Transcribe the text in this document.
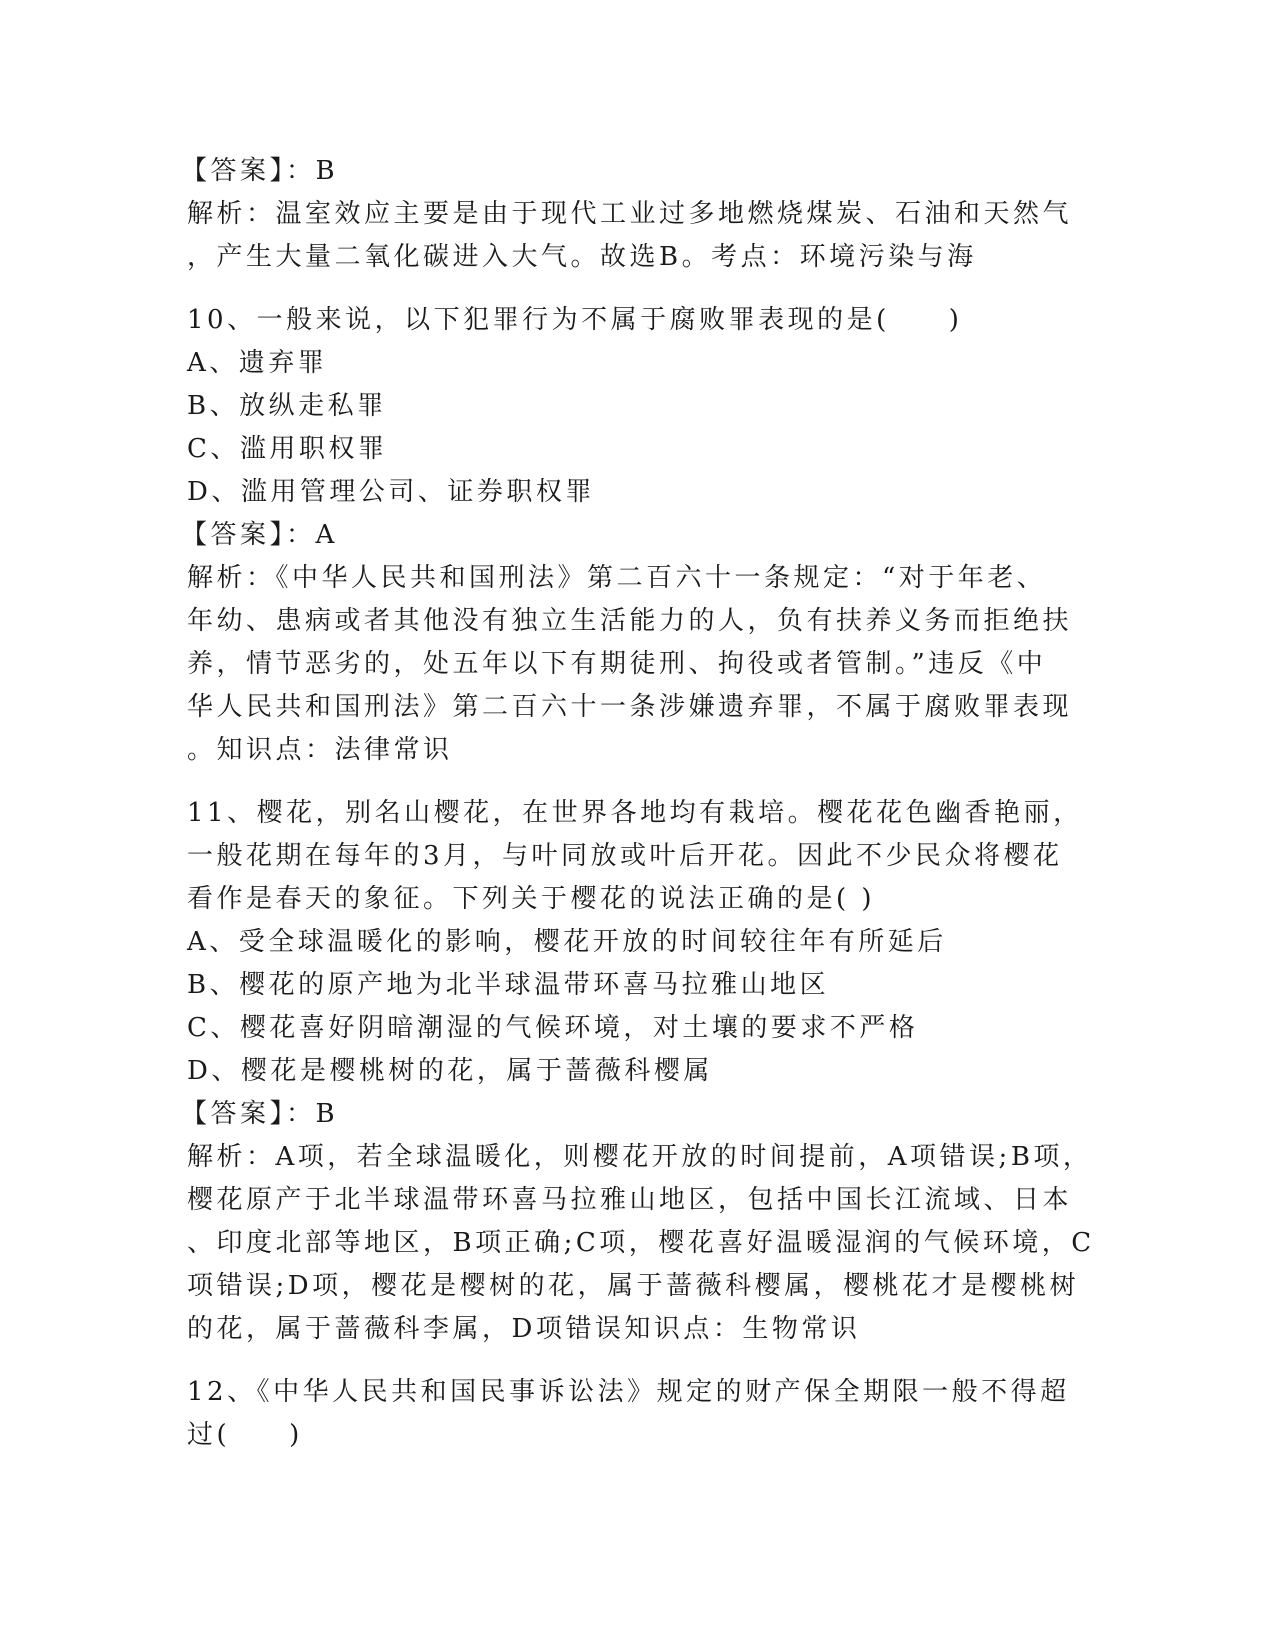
【答案】：B
解析：温室效应主要是由于现代工业过多地燃烧煤炭、石油和天然气
，产生大量二氧化碳进入大气。故选B。考点：环境污染与海
10、一般来说，以下犯罪行为不属于腐败罪表现的是(　　)
A、遗弃罪
B、放纵走私罪
C、滥用职权罪
D、滥用管理公司、证券职权罪
【答案】：A
解析：《中华人民共和国刑法》第二百六十一条规定：“对于年老、
年幼、患病或者其他没有独立生活能力的人，负有扶养义务而拒绝扶
养，情节恶劣的，处五年以下有期徒刑、拘役或者管制。”违反《中
华人民共和国刑法》第二百六十一条涉嫌遗弃罪，不属于腐败罪表现
。知识点：法律常识
11、樱花，别名山樱花，在世界各地均有栽培。樱花花色幽香艳丽，
一般花期在每年的3月，与叶同放或叶后开花。因此不少民众将樱花
看作是春天的象征。下列关于樱花的说法正确的是( )
A、受全球温暖化的影响，樱花开放的时间较往年有所延后
B、樱花的原产地为北半球温带环喜马拉雅山地区
C、樱花喜好阴暗潮湿的气候环境，对土壤的要求不严格
D、樱花是樱桃树的花，属于蔷薇科樱属
【答案】：B
解析：A项，若全球温暖化，则樱花开放的时间提前，A项错误;B项，
樱花原产于北半球温带环喜马拉雅山地区，包括中国长江流域、日本
、印度北部等地区，B项正确;C项，樱花喜好温暖湿润的气候环境，C
项错误;D项，樱花是樱树的花，属于蔷薇科樱属，樱桃花才是樱桃树
的花，属于蔷薇科李属，D项错误知识点：生物常识
12、《中华人民共和国民事诉讼法》规定的财产保全期限一般不得超
过(　　)
